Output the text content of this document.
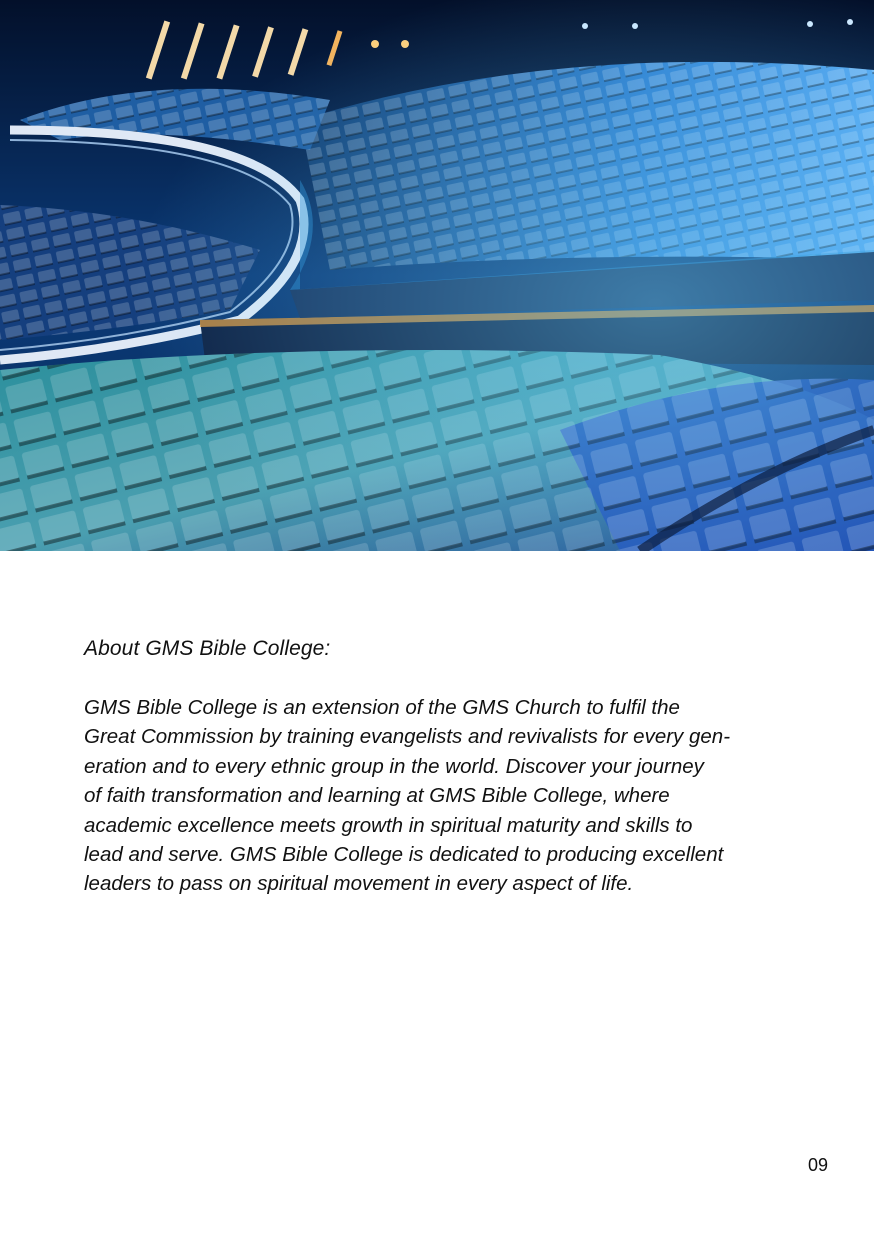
About GMS Bible College:

GMS Bible College is an extension of the GMS Church to fulfil the
Great Commission by training evangelists and revivalists for every gen-
eration and to every ethnic group in the world. Discover your journey
of faith transformation and learning at GMS Bible College, where
academic excellence meets growth in spiritual maturity and skills to
lead and serve. GMS Bible College is dedicated to producing excellent
leaders to pass on spiritual movement in every aspect of life.

09
